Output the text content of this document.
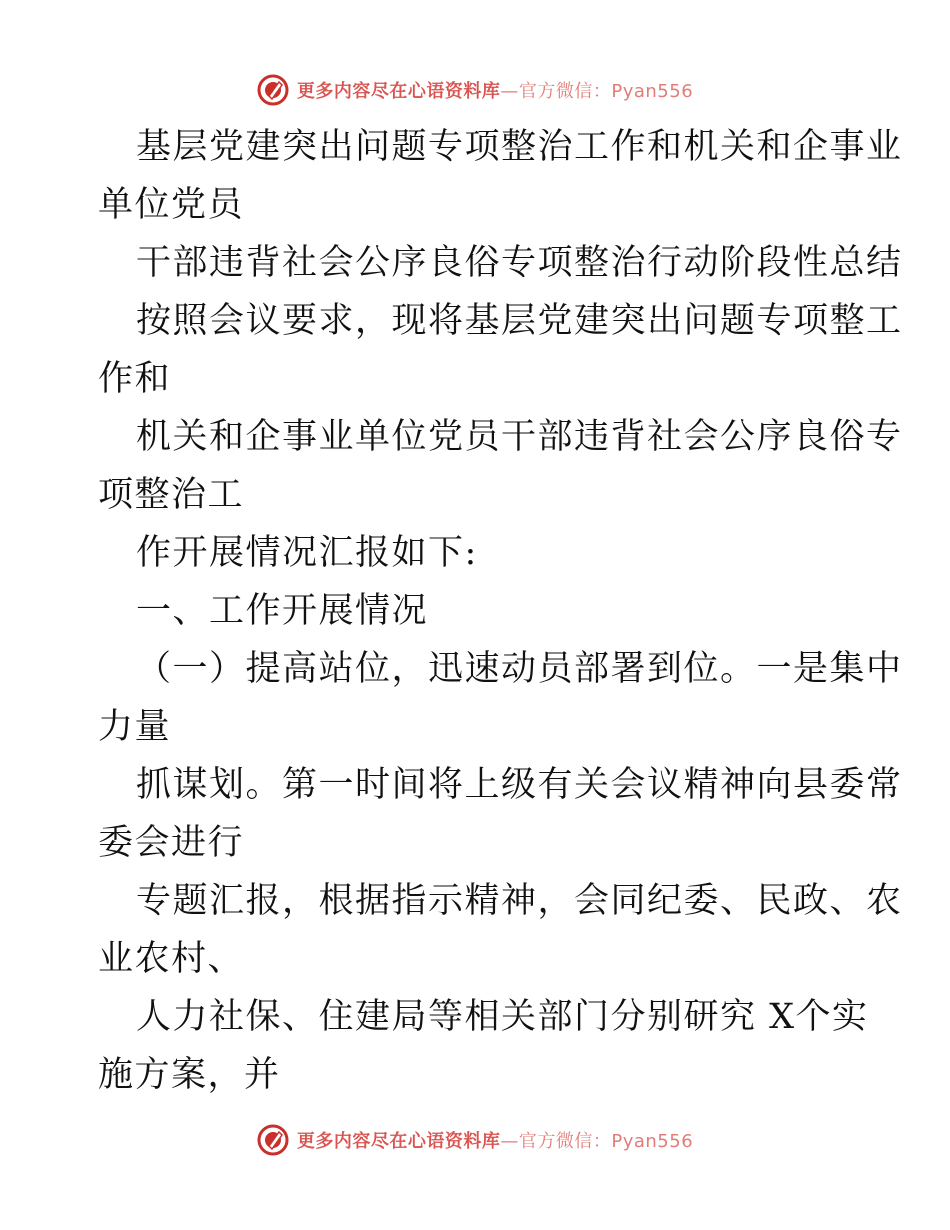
更多内容尽在心语资料库—官方微信：Pyan556
基层党建突出问题专项整治工作和机关和企事业
单位党员
干部违背社会公序良俗专项整治行动阶段性总结
按照会议要求，现将基层党建突出问题专项整工
作和
机关和企事业单位党员干部违背社会公序良俗专
项整治工
作开展情况汇报如下:
一、工作开展情况
（一）提高站位，迅速动员部署到位。一是集中
力量
抓谋划。第一时间将上级有关会议精神向县委常
委会进行
专题汇报，根据指示精神，会同纪委、民政、农
业农村、
人力社保、住建局等相关部门分别研究 X个实
施方案，并
更多内容尽在心语资料库—官方微信：Pyan556
